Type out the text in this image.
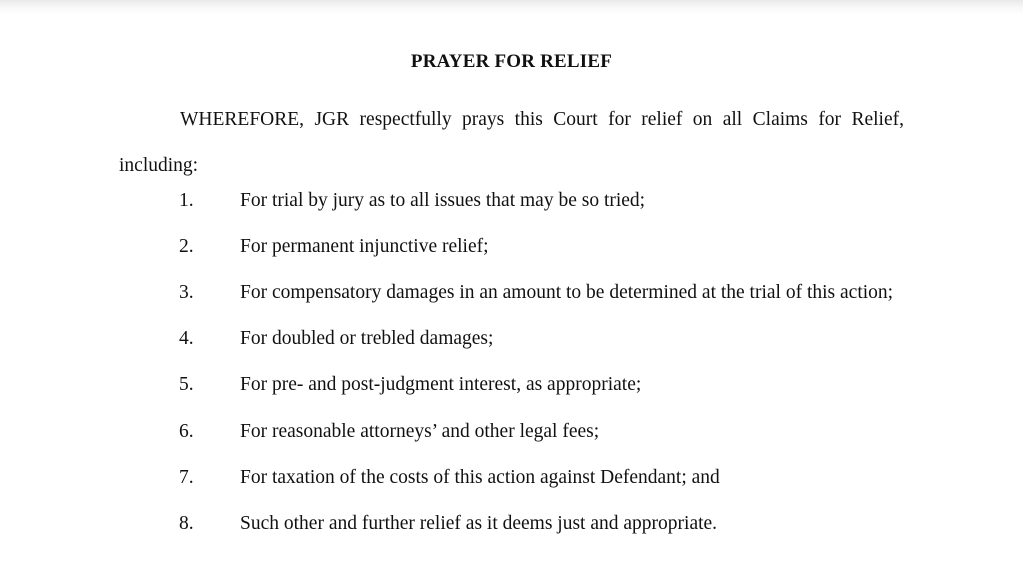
PRAYER FOR RELIEF
WHEREFORE, JGR respectfully prays this Court for relief on all Claims for Relief, including:
1. For trial by jury as to all issues that may be so tried;
2. For permanent injunctive relief;
3. For compensatory damages in an amount to be determined at the trial of this action;
4. For doubled or trebled damages;
5. For pre- and post-judgment interest, as appropriate;
6. For reasonable attorneys’ and other legal fees;
7. For taxation of the costs of this action against Defendant; and
8. Such other and further relief as it deems just and appropriate.
